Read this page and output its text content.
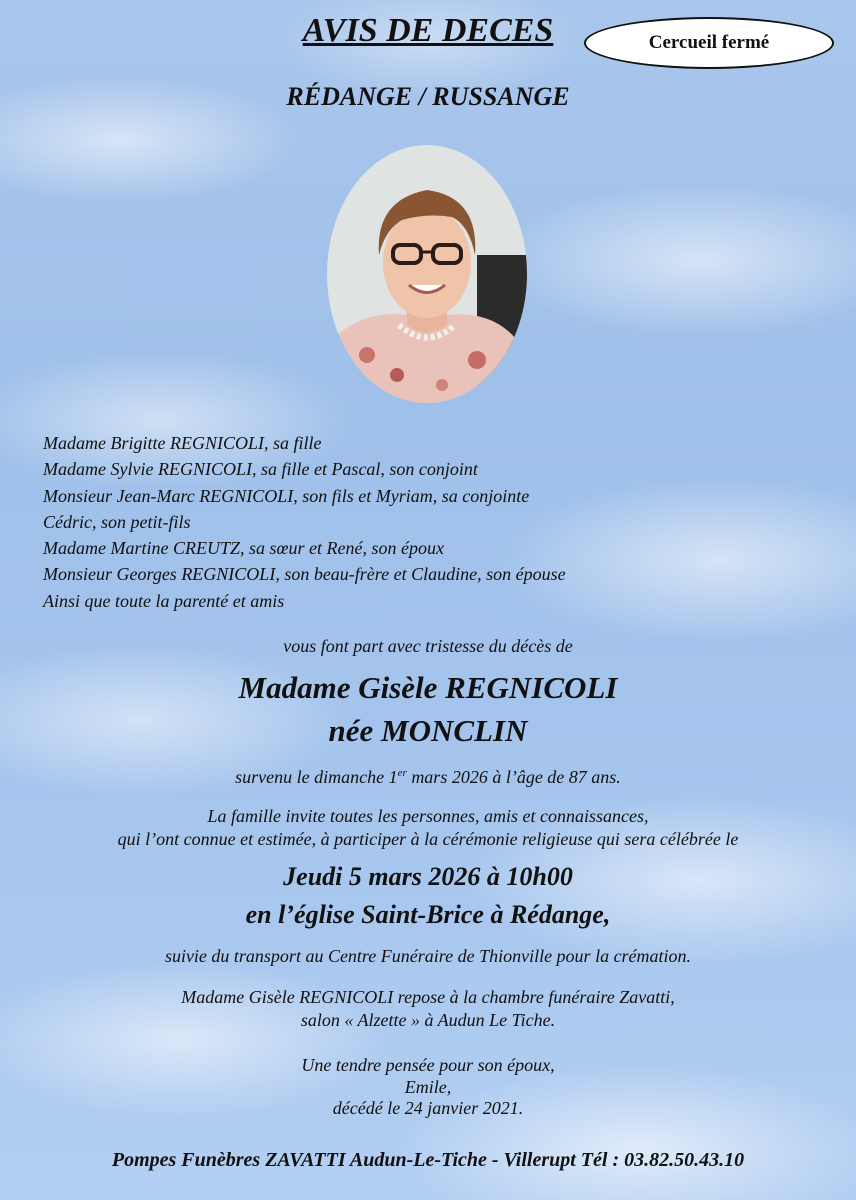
AVIS DE DECES	Cercueil fermé
RÉDANGE / RUSSANGE
Madame Brigitte REGNICOLI, sa fille
Madame Sylvie REGNICOLI, sa fille et Pascal, son conjoint
Monsieur Jean-Marc REGNICOLI, son fils et Myriam, sa conjointe
Cédric, son petit-fils
Madame Martine CREUTZ, sa sœur et René, son époux
Monsieur Georges REGNICOLI, son beau-frère et Claudine, son épouse
Ainsi que toute la parenté et amis
vous font part avec tristesse du décès de
Madame Gisèle REGNICOLI
née MONCLIN
survenu le dimanche 1er mars 2026 à l’âge de 87 ans.
La famille invite toutes les personnes, amis et connaissances,
qui l’ont connue et estimée, à participer à la cérémonie religieuse qui sera célébrée le
Jeudi 5 mars 2026 à 10h00
en l’église Saint-Brice à Rédange,
suivie du transport au Centre Funéraire de Thionville pour la crémation.
Madame Gisèle REGNICOLI repose à la chambre funéraire Zavatti,
salon « Alzette » à Audun Le Tiche.
Une tendre pensée pour son époux,
Emile,
décédé le 24 janvier 2021.
Pompes Funèbres ZAVATTI Audun-Le-Tiche - Villerupt Tél : 03.82.50.43.10
